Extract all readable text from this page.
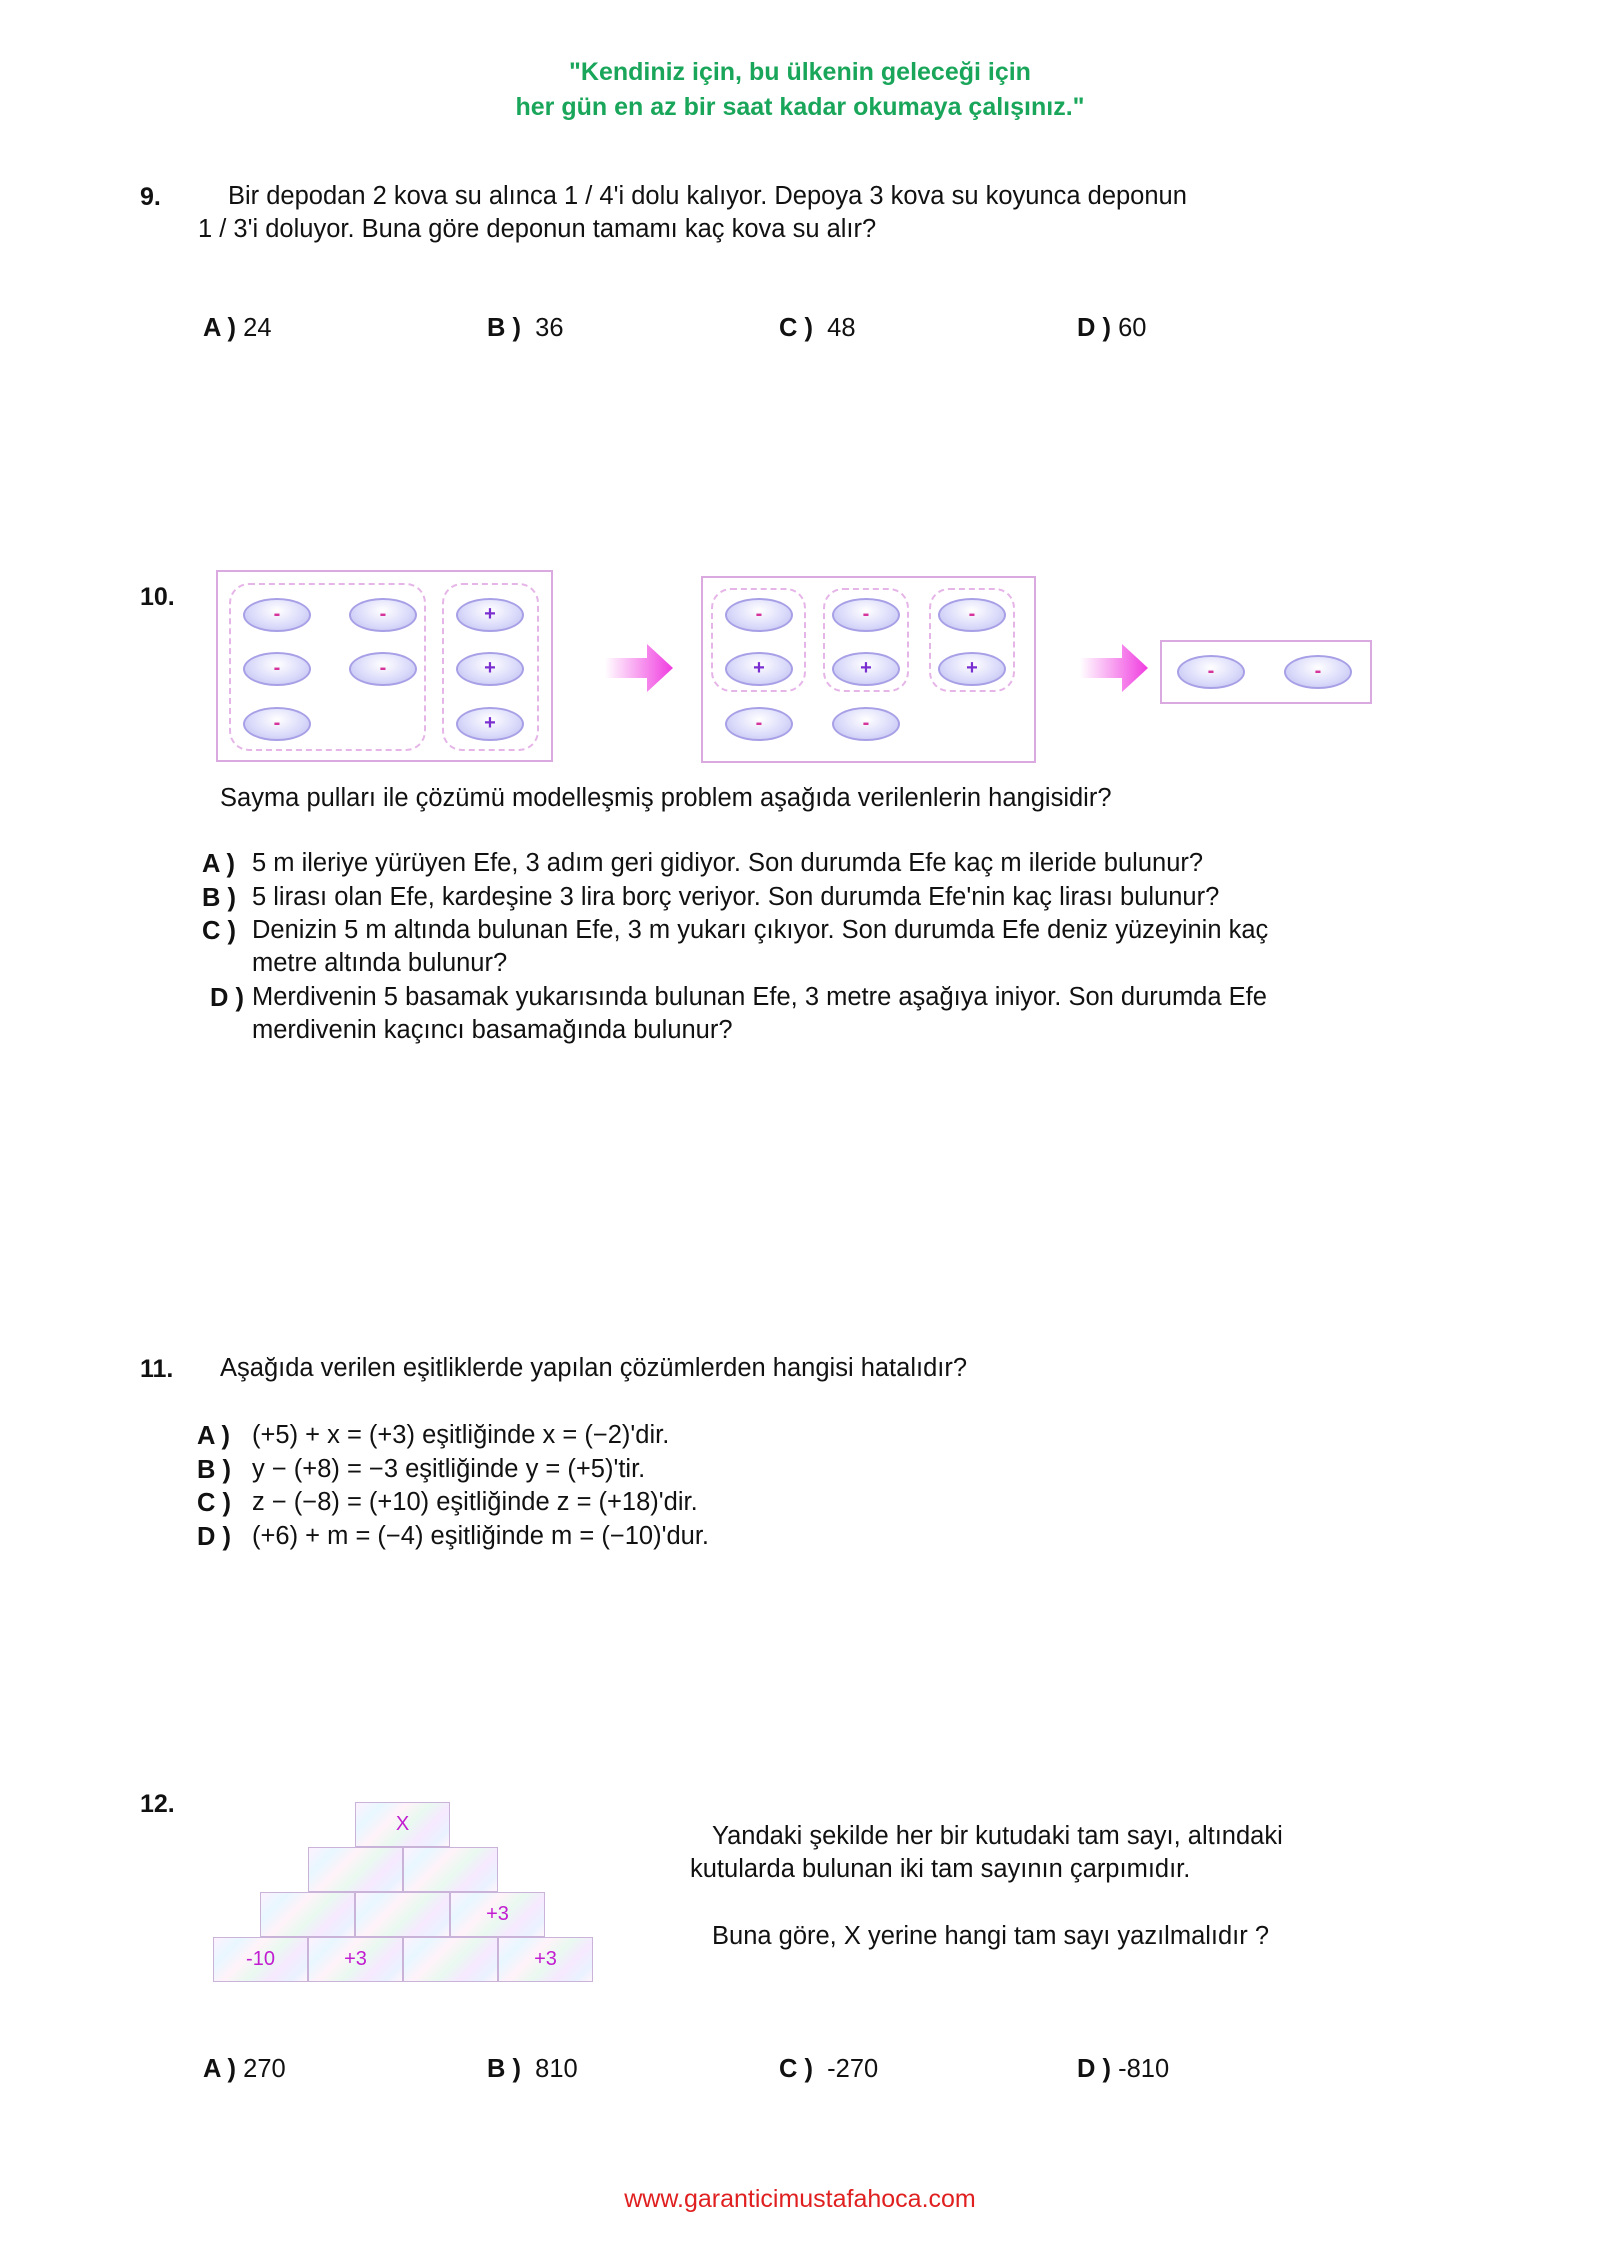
"Kendiniz için, bu ülkenin geleceği için
her gün en az bir saat kadar okumaya çalışınız."
9.	Bir depodan 2 kova su alınca 1 / 4'i dolu kalıyor. Depoya 3 kova su koyunca deponun
1 / 3'i doluyor. Buna göre deponun tamamı kaç kova su alır?
A ) 24	B ) 36	C ) 48	D ) 60
10.
-	-	+
-	-	+
-	+
-	-	-
+	+	+
-	-
-	-
Sayma pulları ile çözümü modelleşmiş problem aşağıda verilenlerin hangisidir?
A ) 5 m ileriye yürüyen Efe, 3 adım geri gidiyor. Son durumda Efe kaç m ileride bulunur?
B ) 5 lirası olan Efe, kardeşine 3 lira borç veriyor. Son durumda Efe'nin kaç lirası bulunur?
C ) Denizin 5 m altında bulunan Efe, 3 m yukarı çıkıyor. Son durumda Efe deniz yüzeyinin kaç
metre altında bulunur?
D ) Merdivenin 5 basamak yukarısında bulunan Efe, 3 metre aşağıya iniyor. Son durumda Efe
merdivenin kaçıncı basamağında bulunur?
11. Aşağıda verilen eşitliklerde yapılan çözümlerden hangisi hatalıdır?
A ) (+5) + x = (+3) eşitliğinde x = (−2)'dir.
B ) y − (+8) = −3 eşitliğinde y = (+5)'tir.
C ) z − (−8) = (+10) eşitliğinde z = (+18)'dir.
D ) (+6) + m = (−4) eşitliğinde m = (−10)'dur.
12.
X
+3
-10	+3	+3
Yandaki şekilde her bir kutudaki tam sayı, altındaki
kutularda bulunan iki tam sayının çarpımıdır.
Buna göre, X yerine hangi tam sayı yazılmalıdır ?
A ) 270	B ) 810	C ) -270	D ) -810
www.garanticimustafahoca.com
